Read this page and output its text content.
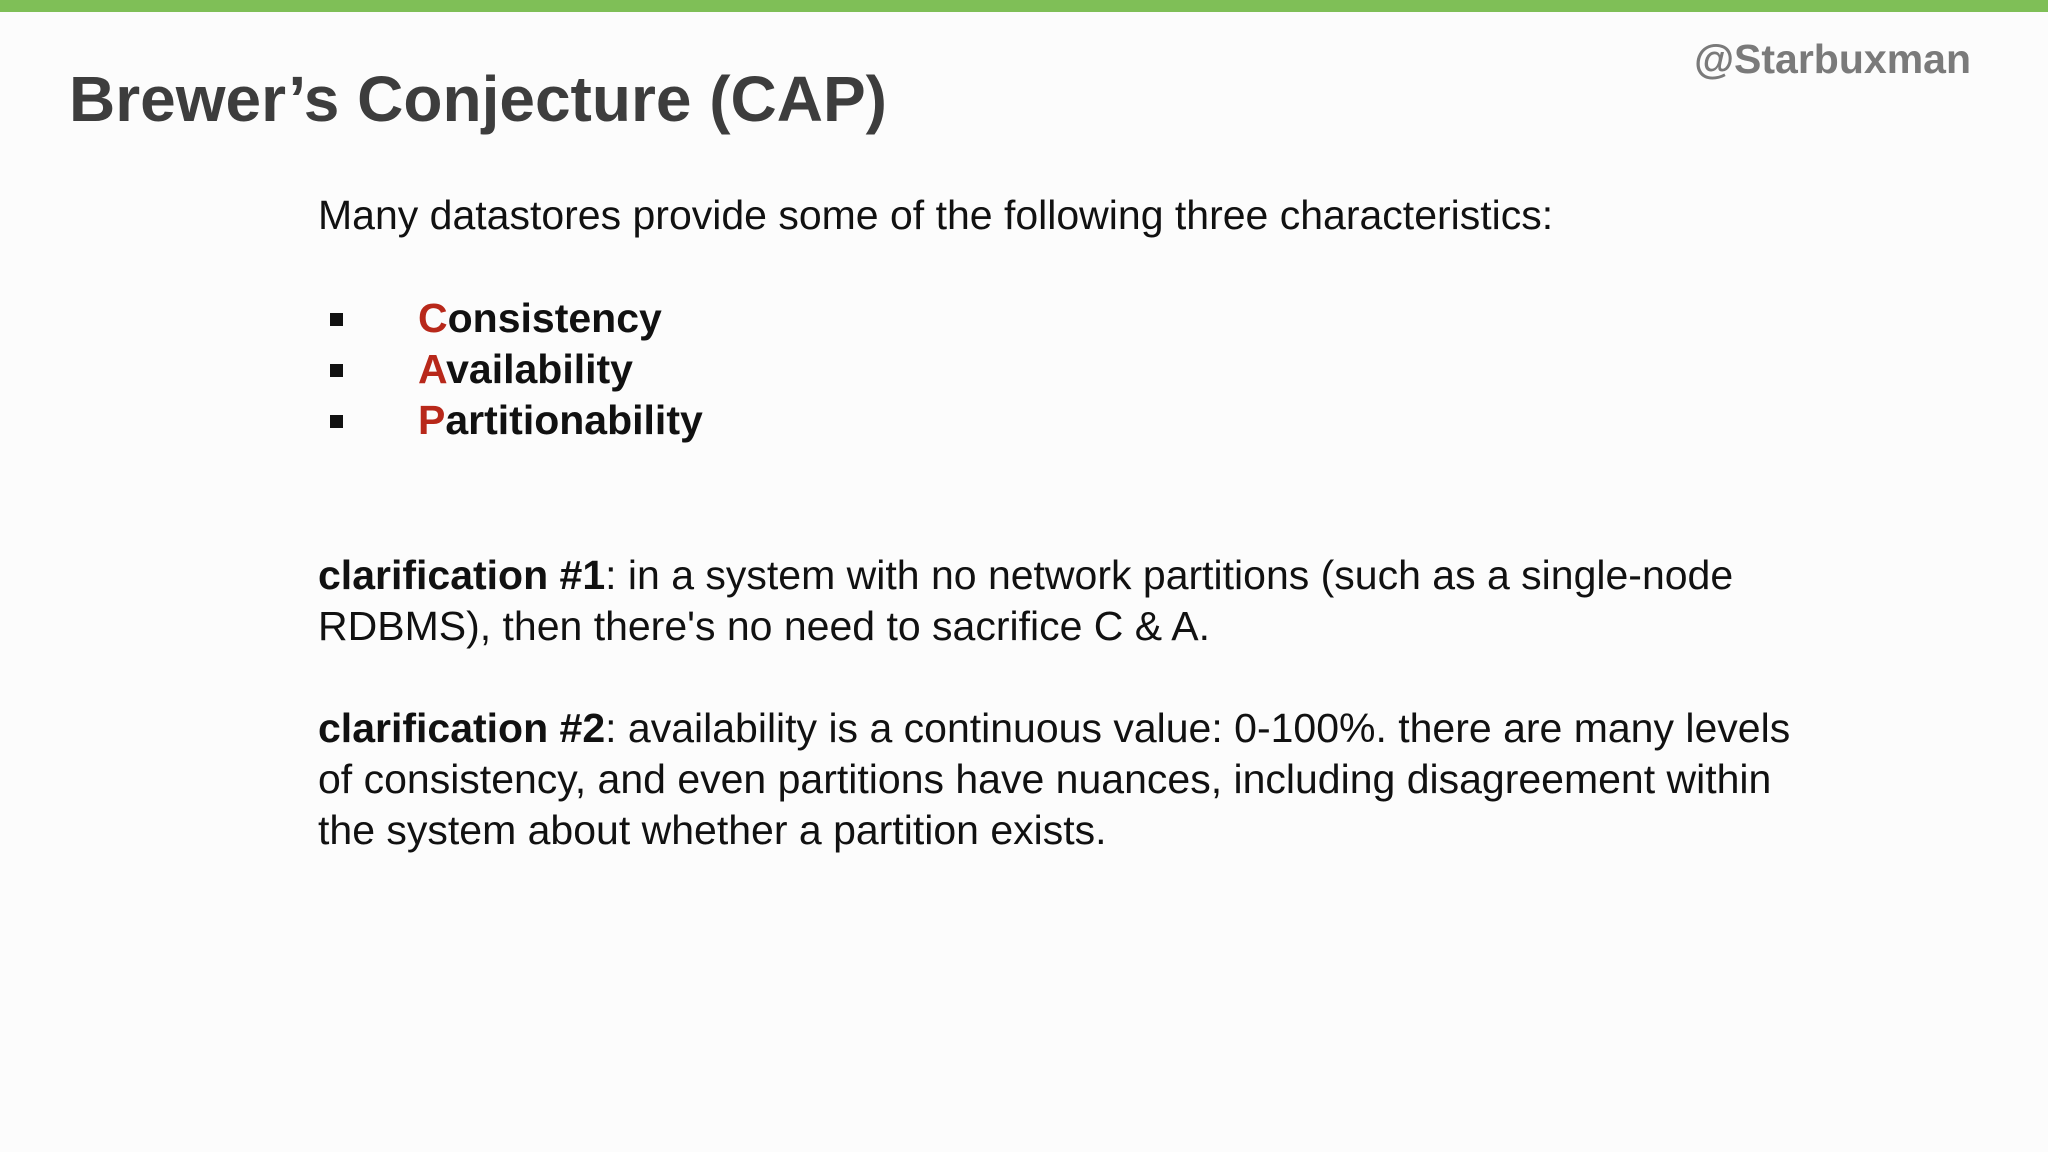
@Starbuxman
Brewer’s Conjecture (CAP)

Many datastores provide some of the following three characteristics:

Consistency
Availability
Partitionability

clarification #1: in a system with no network partitions (such as a single-node RDBMS), then there's no need to sacrifice C & A.

clarification #2: availability is a continuous value: 0-100%. there are many levels of consistency, and even partitions have nuances, including disagreement within the system about whether a partition exists.
